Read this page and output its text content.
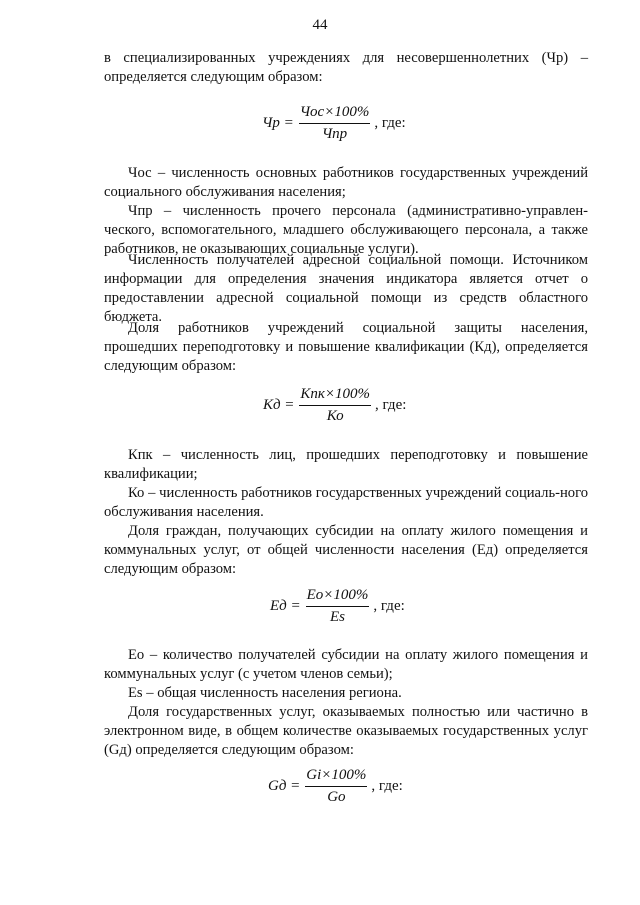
44

в специализированных учреждениях для несовершеннолетних (Чр) – определяется следующим образом:

Чр = $\frac{\text{Чос×100\%}}{\text{Чпр}}$ , где:

Чос – численность основных работников государственных учреждений социального обслуживания населения;

Чпр – численность прочего персонала (административно-управлен-ческого, вспомогательного, младшего обслуживающего персонала, а также работников, не оказывающих социальные услуги).

Численность получателей адресной социальной помощи. Источником информации для определения значения индикатора является отчет о предоставлении адресной социальной помощи из средств областного бюджета.

Доля работников учреждений социальной защиты населения, прошедших переподготовку и повышение квалификации (Кд), определяется следующим образом:

Кд = $\frac{\text{Кпк×100\%}}{Ко}$ , где:

Кпк – численность лиц, прошедших переподготовку и повышение квалификации;

Ко – численность работников государственных учреждений социаль-ного обслуживания населения.

Доля граждан, получающих субсидии на оплату жилого помещения и коммунальных услуг, от общей численности населения (Ед) определяется следующим образом:

Ед = $\frac{Ео\times 100\%}{Es}$ , где:

Ео – количество получателей субсидии на оплату жилого помещения и коммунальных услуг (с учетом членов семьи);

Es – общая численность населения региона.

Доля государственных услуг, оказываемых полностью или частично в электронном виде, в общем количестве оказываемых государственных услуг (Gд) определяется следующим образом:

Gд = $\frac{Gi\times 100\%}{Go}$ , где:
